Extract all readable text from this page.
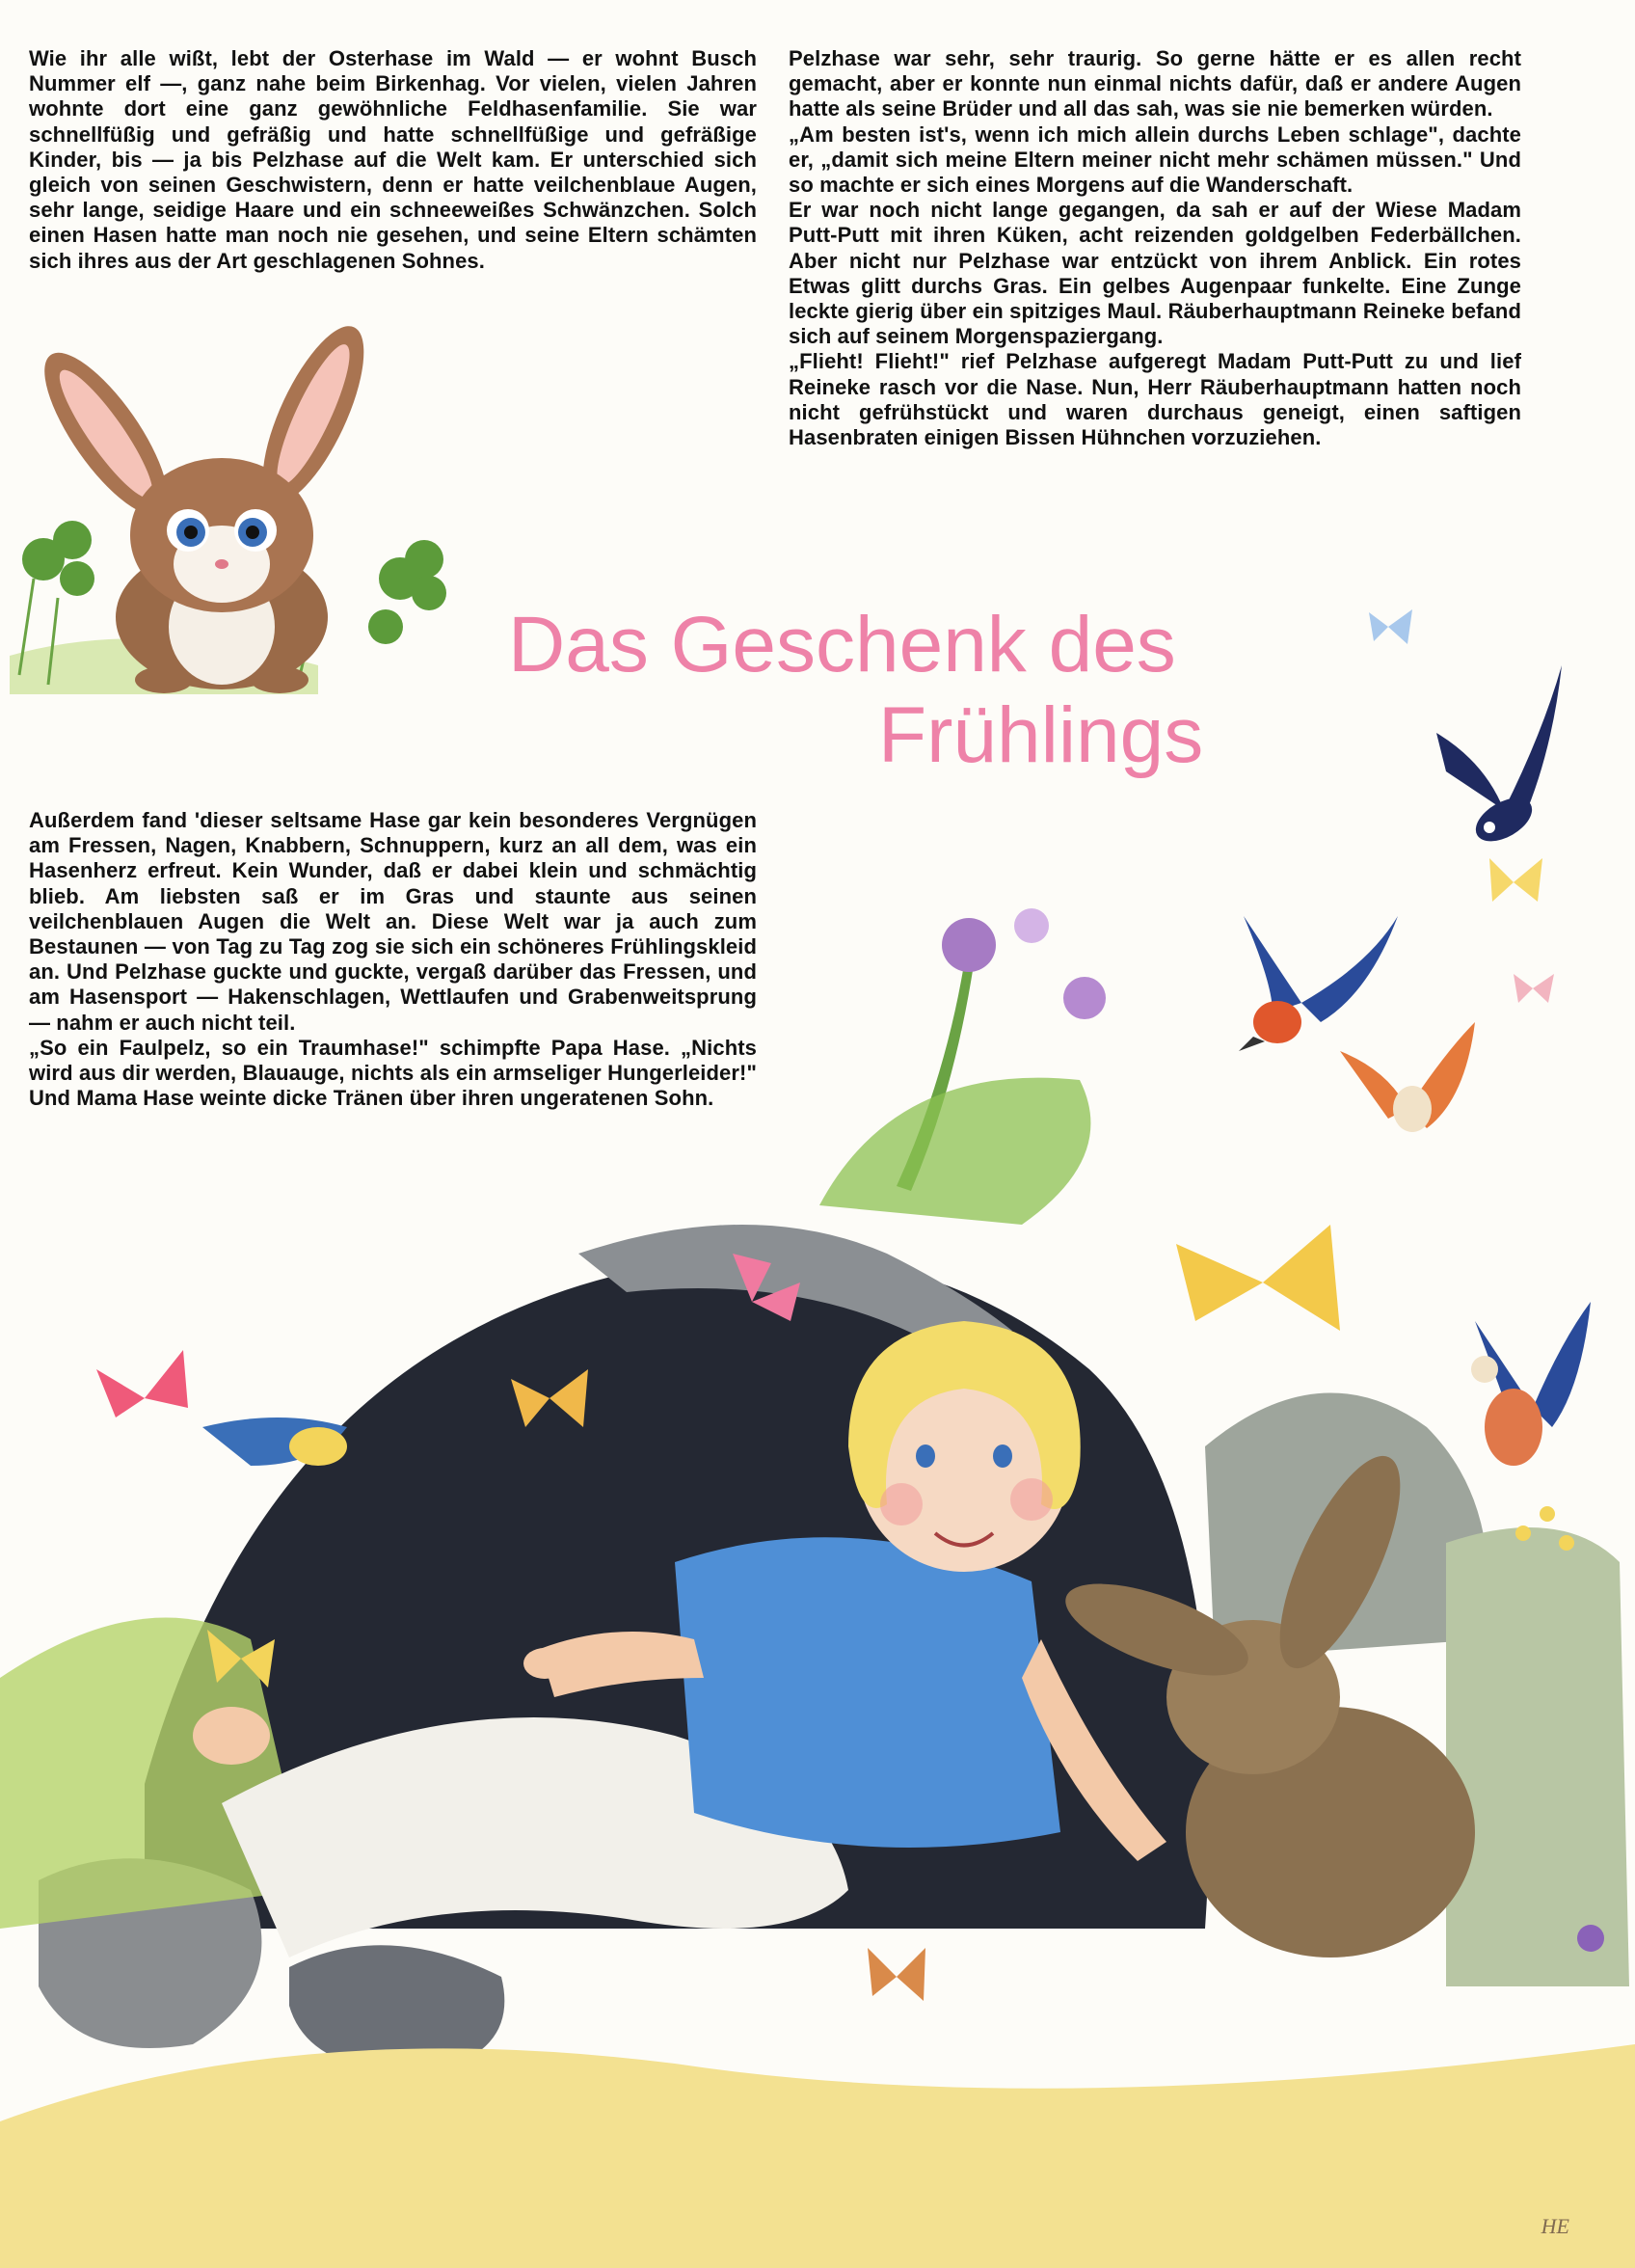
Wie ihr alle wißt, lebt der Osterhase im Wald — er wohnt Busch Nummer elf —, ganz nahe beim Birkenhag. Vor vielen, vielen Jahren wohnte dort eine ganz gewöhnliche Feldhasenfamilie. Sie war schnellfüßig und gefräßig und hatte schnellfüßige und gefräßige Kinder, bis — ja bis Pelzhase auf die Welt kam. Er unterschied sich gleich von seinen Geschwistern, denn er hatte veilchenblaue Augen, sehr lange, seidige Haare und ein schneeweißes Schwänzchen. Solch einen Hasen hatte man noch nie gesehen, und seine Eltern schämten sich ihres aus der Art geschlagenen Sohnes.

Pelzhase war sehr, sehr traurig. So gerne hätte er es allen recht gemacht, aber er konnte nun einmal nichts dafür, daß er andere Augen hatte als seine Brüder und all das sah, was sie nie bemerken würden.

„Am besten ist's, wenn ich mich allein durchs Leben schlage", dachte er, „damit sich meine Eltern meiner nicht mehr schämen müssen." Und so machte er sich eines Morgens auf die Wanderschaft.

Er war noch nicht lange gegangen, da sah er auf der Wiese Madam Putt-Putt mit ihren Küken, acht reizenden goldgelben Federbällchen. Aber nicht nur Pelzhase war entzückt von ihrem Anblick. Ein rotes Etwas glitt durchs Gras. Ein gelbes Augenpaar funkelte. Eine Zunge leckte gierig über ein spitziges Maul. Räuberhauptmann Reineke befand sich auf seinem Morgenspaziergang.

„Flieht! Flieht!" rief Pelzhase aufgeregt Madam Putt-Putt zu und lief Reineke rasch vor die Nase. Nun, Herr Räuberhauptmann hatten noch nicht gefrühstückt und waren durchaus geneigt, einen saftigen Hasenbraten einigen Bissen Hühnchen vorzuziehen.

Außerdem fand 'dieser seltsame Hase gar kein besonderes Vergnügen am Fressen, Nagen, Knabbern, Schnuppern, kurz an all dem, was ein Hasenherz erfreut. Kein Wunder, daß er dabei klein und schmächtig blieb. Am liebsten saß er im Gras und staunte aus seinen veilchenblauen Augen die Welt an. Diese Welt war ja auch zum Bestaunen — von Tag zu Tag zog sie sich ein schöneres Frühlingskleid an. Und Pelzhase guckte und guckte, vergaß darüber das Fressen, und am Hasensport — Hakenschlagen, Wettlaufen und Grabenweitsprung — nahm er auch nicht teil.

„So ein Faulpelz, so ein Traumhase!" schimpfte Papa Hase. „Nichts wird aus dir werden, Blauauge, nichts als ein armseliger Hungerleider!" Und Mama Hase weinte dicke Tränen über ihren ungeratenen Sohn.

Das Geschenk des
Frühlings
HE
